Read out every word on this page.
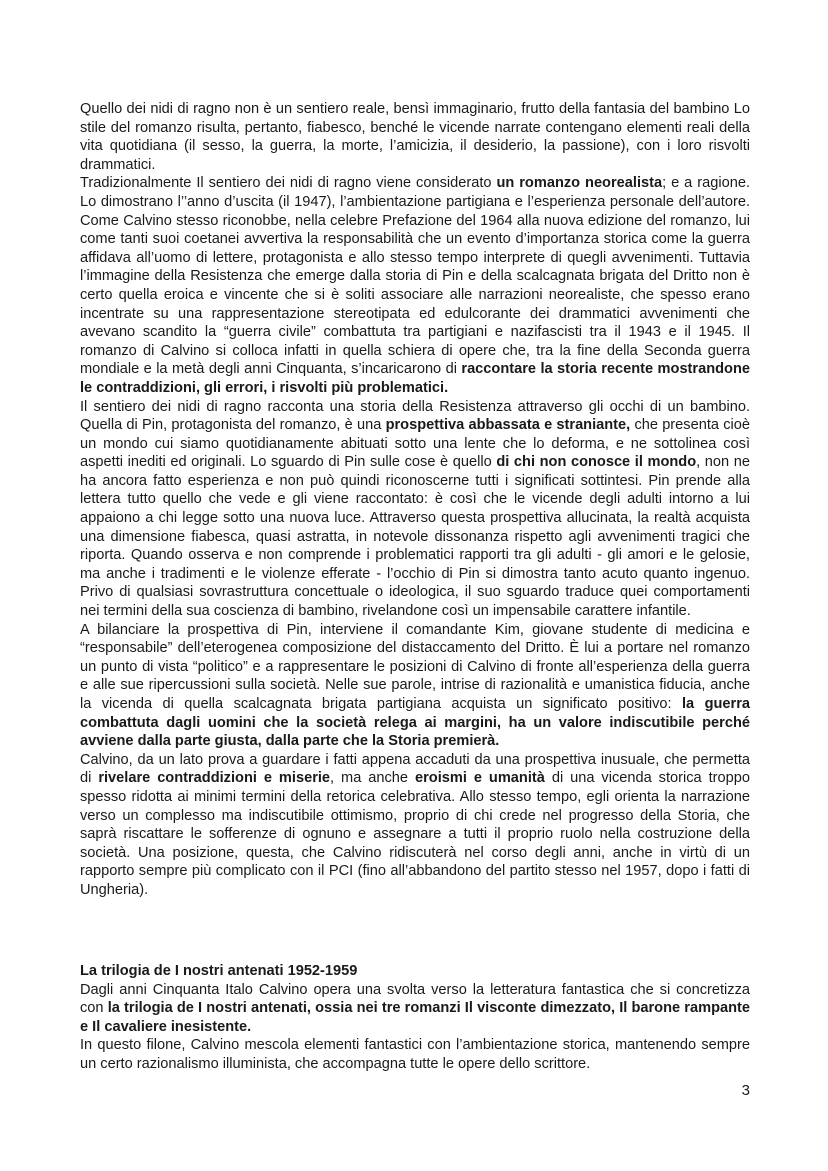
Quello dei nidi di ragno non è un sentiero reale, bensì immaginario, frutto della fantasia del bambino Lo stile del romanzo risulta, pertanto, fiabesco, benché le vicende narrate contengano elementi reali della vita quotidiana (il sesso, la guerra, la morte, l’amicizia, il desiderio, la passione), con i loro risvolti drammatici.

Tradizionalmente Il sentiero dei nidi di ragno viene considerato un romanzo neorealista; e a ragione. Lo dimostrano l’’anno d’uscita (il 1947), l’ambientazione partigiana e l’esperienza personale dell’autore. Come Calvino stesso riconobbe, nella celebre Prefazione del 1964 alla nuova edizione del romanzo, lui come tanti suoi coetanei avvertiva la responsabilità che un evento d’importanza storica come la guerra affidava all’uomo di lettere, protagonista e allo stesso tempo interprete di quegli avvenimenti. Tuttavia l’immagine della Resistenza che emerge dalla storia di Pin e della scalcagnata brigata del Dritto non è certo quella eroica e vincente che si è soliti associare alle narrazioni neorealiste, che spesso erano incentrate su una rappresentazione stereotipata ed edulcorante dei drammatici avvenimenti che avevano scandito la “guerra civile” combattuta tra partigiani e nazifascisti tra il 1943 e il 1945. Il romanzo di Calvino si colloca infatti in quella schiera di opere che, tra la fine della Seconda guerra mondiale e la metà degli anni Cinquanta, s’incaricarono di raccontare la storia recente mostrandone le contraddizioni, gli errori, i risvolti più problematici.

Il sentiero dei nidi di ragno racconta una storia della Resistenza attraverso gli occhi di un bambino. Quella di Pin, protagonista del romanzo, è una prospettiva abbassata e straniante, che presenta cioè un mondo cui siamo quotidianamente abituati sotto una lente che lo deforma, e ne sottolinea così aspetti inediti ed originali. Lo sguardo di Pin sulle cose è quello di chi non conosce il mondo, non ne ha ancora fatto esperienza e non può quindi riconoscerne tutti i significati sottintesi. Pin prende alla lettera tutto quello che vede e gli viene raccontato: è così che le vicende degli adulti intorno a lui appaiono a chi legge sotto una nuova luce. Attraverso questa prospettiva allucinata, la realtà acquista una dimensione fiabesca, quasi astratta, in notevole dissonanza rispetto agli avvenimenti tragici che riporta. Quando osserva e non comprende i problematici rapporti tra gli adulti - gli amori e le gelosie, ma anche i tradimenti e le violenze efferate - l’occhio di Pin si dimostra tanto acuto quanto ingenuo. Privo di qualsiasi sovrastruttura concettuale o ideologica, il suo sguardo traduce quei comportamenti nei termini della sua coscienza di bambino, rivelandone così un impensabile carattere infantile.

A bilanciare la prospettiva di Pin, interviene il comandante Kim, giovane studente di medicina e “responsabile” dell’eterogenea composizione del distaccamento del Dritto. È lui a portare nel romanzo un punto di vista “politico” e a rappresentare le posizioni di Calvino di fronte all’esperienza della guerra e alle sue ripercussioni sulla società. Nelle sue parole, intrise di razionalità e umanistica fiducia, anche la vicenda di quella scalcagnata brigata partigiana acquista un significato positivo: la guerra combattuta dagli uomini che la società relega ai margini, ha un valore indiscutibile perché avviene dalla parte giusta, dalla parte che la Storia premierà.

Calvino, da un lato prova a guardare i fatti appena accaduti da una prospettiva inusuale, che permetta di rivelare contraddizioni e miserie, ma anche eroismi e umanità di una vicenda storica troppo spesso ridotta ai minimi termini della retorica celebrativa. Allo stesso tempo, egli orienta la narrazione verso un complesso ma indiscutibile ottimismo, proprio di chi crede nel progresso della Storia, che saprà riscattare le sofferenze di ognuno e assegnare a tutti il proprio ruolo nella costruzione della società. Una posizione, questa, che Calvino ridiscuterà nel corso degli anni, anche in virtù di un rapporto sempre più complicato con il PCI (fino all’abbandono del partito stesso nel 1957, dopo i fatti di Ungheria).

La trilogia de I nostri antenati 1952-1959

Dagli anni Cinquanta Italo Calvino opera una svolta verso la letteratura fantastica che si concretizza con la trilogia de I nostri antenati, ossia nei tre romanzi Il visconte dimezzato, Il barone rampante e Il cavaliere inesistente.

In questo filone, Calvino mescola elementi fantastici con l’ambientazione storica, mantenendo sempre un certo razionalismo illuminista, che accompagna tutte le opere dello scrittore.

3
